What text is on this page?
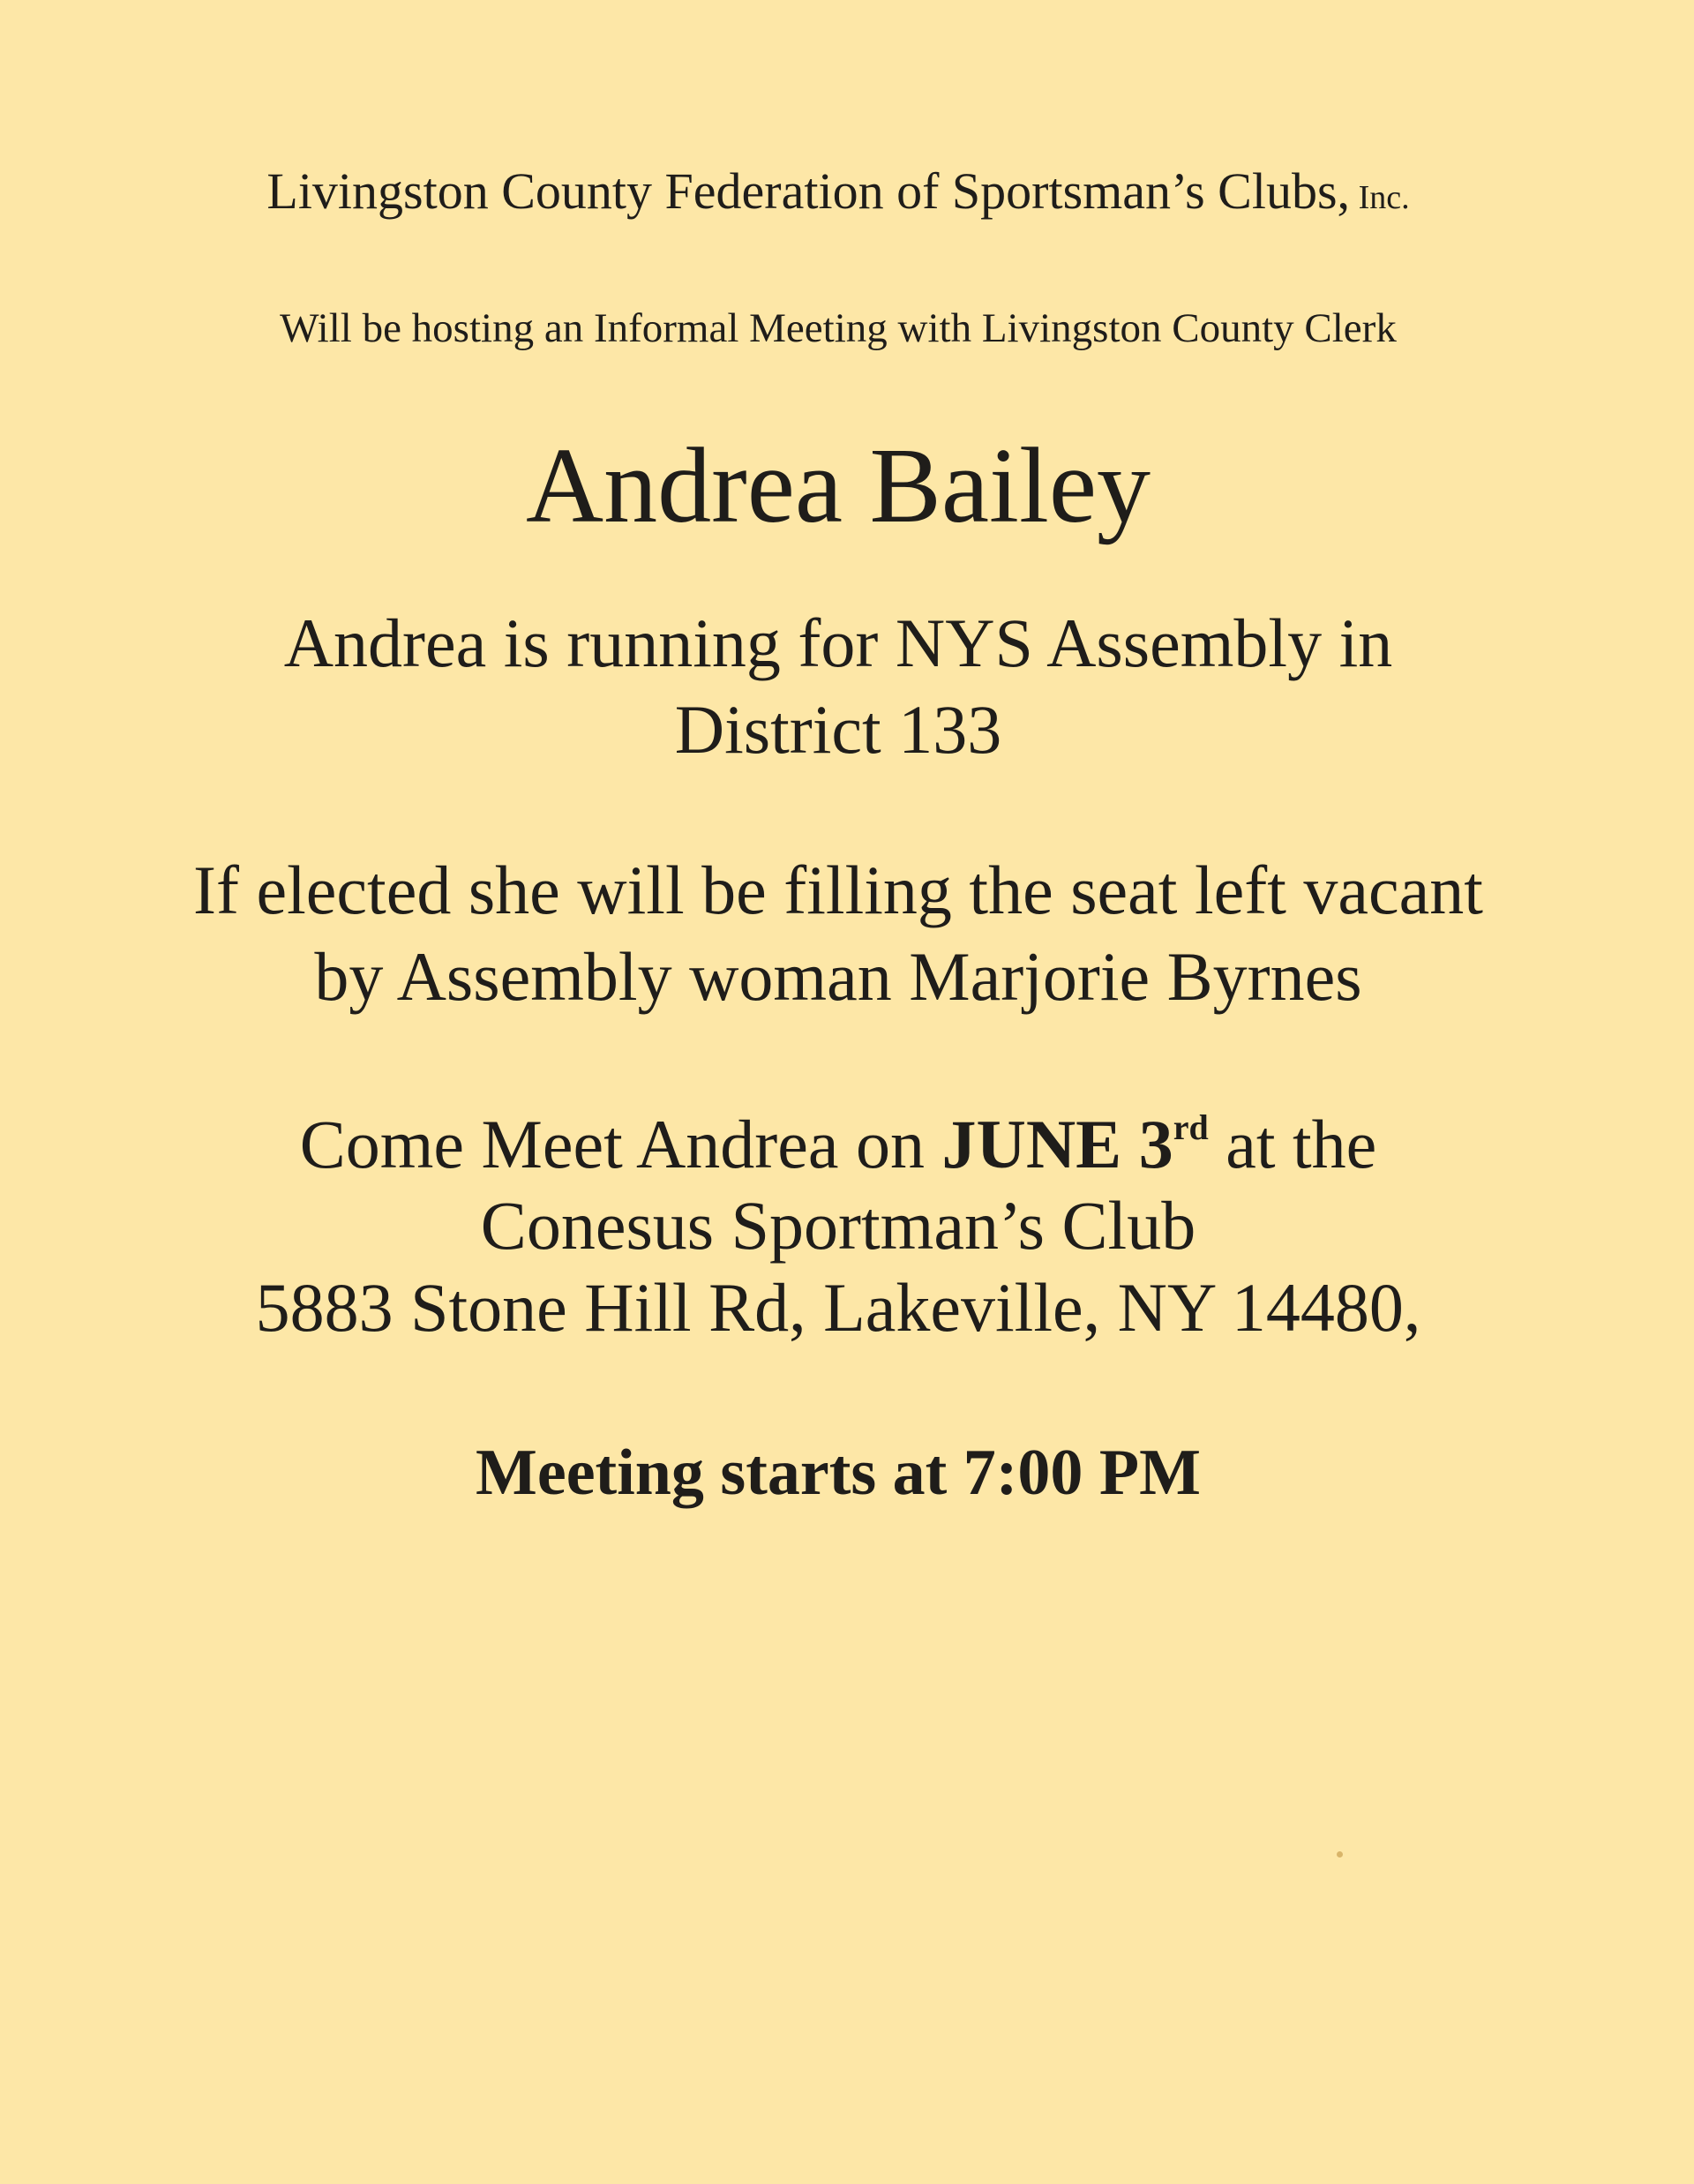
Livingston County Federation of Sportsman’s Clubs, Inc.
Will be hosting an Informal Meeting with Livingston County Clerk
Andrea Bailey
Andrea is running for NYS Assembly in
District 133
If elected she will be filling the seat left vacant
by Assembly woman Marjorie Byrnes
Come Meet Andrea on JUNE 3rd at the
Conesus Sportman’s Club
5883 Stone Hill Rd, Lakeville, NY 14480,
Meeting starts at 7:00 PM
